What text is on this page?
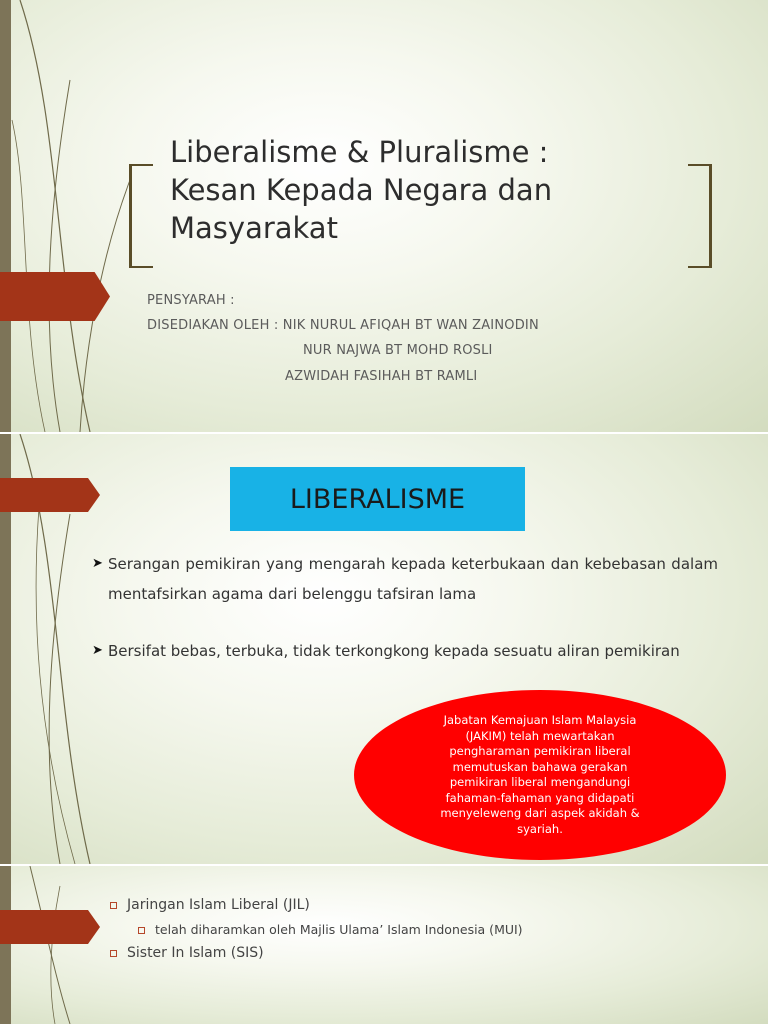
Liberalisme & Pluralisme :
Kesan Kepada Negara dan
Masyarakat
PENSYARAH :
DISEDIAKAN OLEH : NIK NURUL AFIQAH BT WAN ZAINODIN
NUR NAJWA BT MOHD ROSLI
AZWIDAH FASIHAH BT RAMLI
LIBERALISME
➤ Serangan pemikiran yang mengarah kepada keterbukaan dan kebebasan dalam mentafsirkan agama dari belenggu tafsiran lama
➤ Bersifat bebas, terbuka, tidak terkongkong kepada sesuatu aliran pemikiran
Jabatan Kemajuan Islam Malaysia (JAKIM) telah mewartakan pengharaman pemikiran liberal memutuskan bahawa gerakan pemikiran liberal mengandungi fahaman-fahaman yang didapati menyeleweng dari aspek akidah & syariah.
Jaringan Islam Liberal (JIL)
telah diharamkan oleh Majlis Ulama’ Islam Indonesia (MUI)
Sister In Islam (SIS)
